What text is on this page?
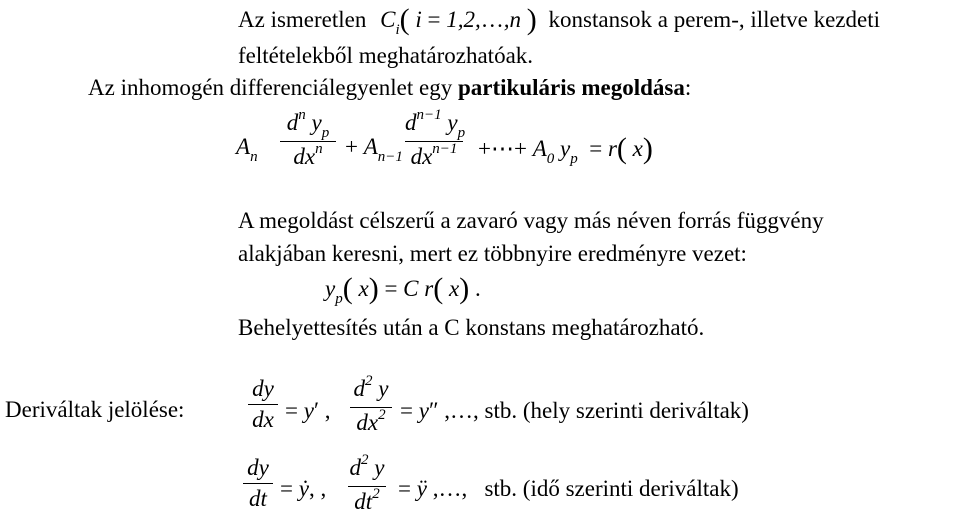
Az ismeretlen $C_i$( i = 1,2,…,n ) konstansok a perem-, illetve kezdeti
feltételekből meghatározhatóak.
Az inhomogén differenciálegyenlet egy partikuláris megoldása:
$A_n$
$d^n$ $y_p$
$dx^n + A_{n-1}$
$d^{n-1}$ $y_p$
$dx^{n-1}$ +⋯+ $A_0$ $y_p = r$( x)
A megoldást célszerű a zavaró vagy más néven forrás függvény
alakjában keresni, mert ez többnyire eredményre vezet:
$y_p$( x) = C r( x) .
Behelyettesítés után a C konstans meghatározható.
Deriváltak jelölése:
dy
dx = y′ ,
$d^2$ y
$dx^2 = y''$ ,…, stb. (hely szerinti deriváltak)
dy
dt = ẏ, ,
$d^2$ y
$dt^2$ = ÿ ,…,   stb. (idő szerinti deriváltak)
